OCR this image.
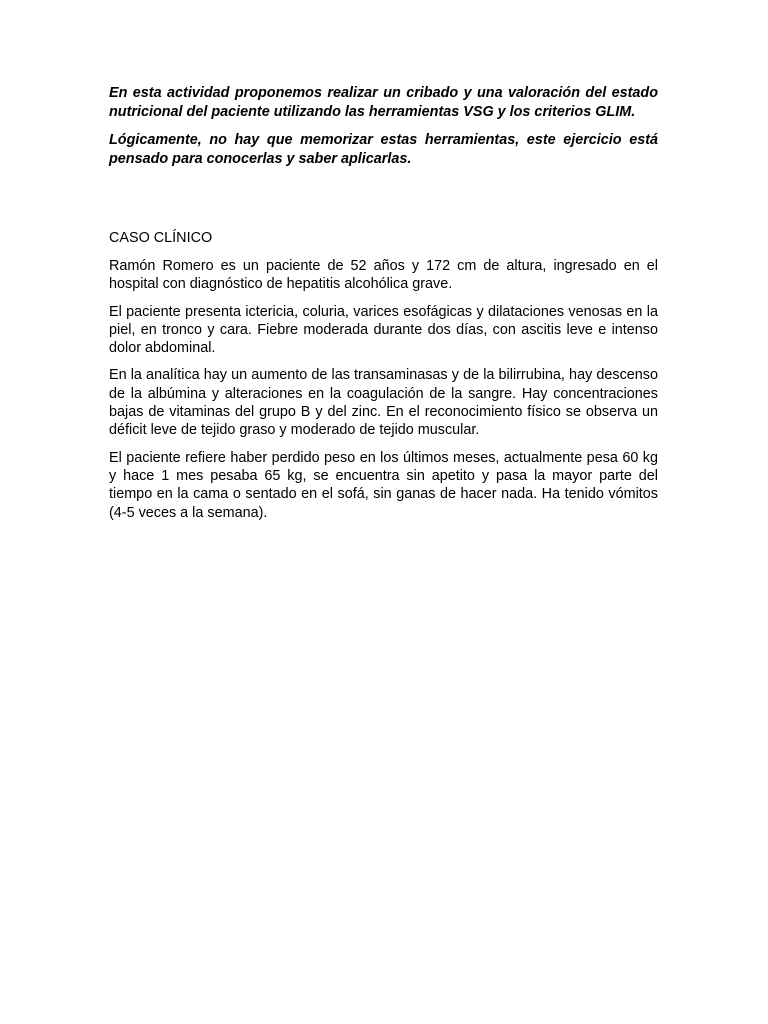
En esta actividad proponemos realizar un cribado y una valoración del estado nutricional del paciente utilizando las herramientas VSG y los criterios GLIM.

Lógicamente, no hay que memorizar estas herramientas, este ejercicio está pensado para conocerlas y saber aplicarlas.

CASO CLÍNICO

Ramón Romero es un paciente de 52 años y 172 cm de altura, ingresado en el hospital con diagnóstico de hepatitis alcohólica grave.

El paciente presenta ictericia, coluria, varices esofágicas y dilataciones venosas en la piel, en tronco y cara. Fiebre moderada durante dos días, con ascitis leve e intenso dolor abdominal.

En la analítica hay un aumento de las transaminasas y de la bilirrubina, hay descenso de la albúmina y alteraciones en la coagulación de la sangre. Hay concentraciones bajas de vitaminas del grupo B y del zinc. En el reconocimiento físico se observa un déficit leve de tejido graso y moderado de tejido muscular.

El paciente refiere haber perdido peso en los últimos meses, actualmente pesa 60 kg y hace 1 mes pesaba 65 kg, se encuentra sin apetito y pasa la mayor parte del tiempo en la cama o sentado en el sofá, sin ganas de hacer nada. Ha tenido vómitos (4-5 veces a la semana).
